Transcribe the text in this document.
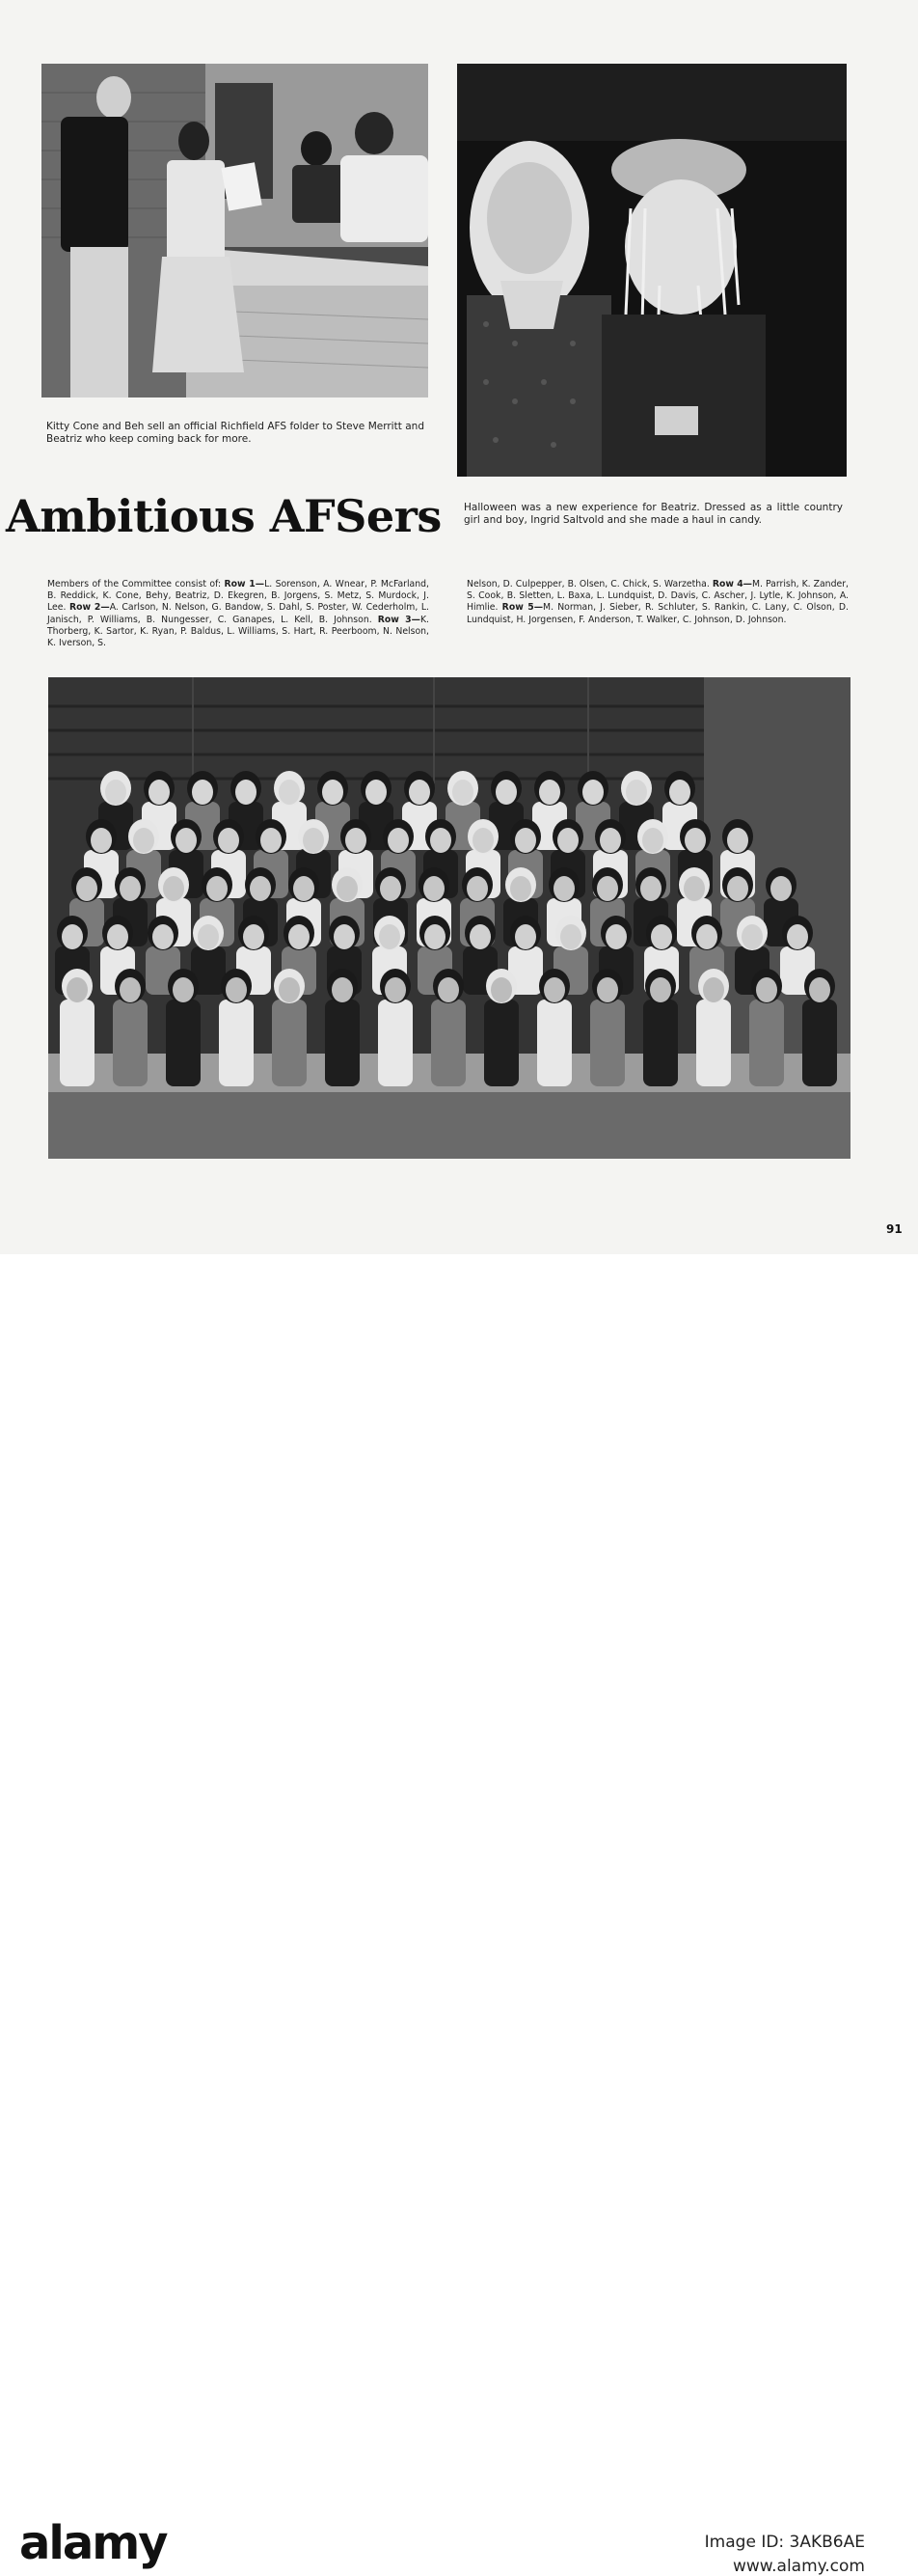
Kitty Cone and Beh sell an official Richfield AFS folder to Steve Merritt and Beatriz who keep coming back for more.

Halloween was a new experience for Beatriz. Dressed as a little country girl and boy, Ingrid Saltvold and she made a haul in candy.

Ambitious AFSers

Members of the Committee consist of: Row 1—L. Sorenson, A. Wnear, P. McFarland, B. Reddick, K. Cone, Behy, Beatriz, D. Ekegren, B. Jorgens, S. Metz, S. Murdock, J. Lee. Row 2—A. Carlson, N. Nelson, G. Bandow, S. Dahl, S. Poster, W. Cederholm, L. Janisch, P. Williams, B. Nungesser, C. Ganapes, L. Kell, B. Johnson. Row 3—K. Thorberg, K. Sartor, K. Ryan, P. Baldus, L. Williams, S. Hart, R. Peerboom, N. Nelson, K. Iverson, S.

Nelson, D. Culpepper, B. Olsen, C. Chick, S. Warzetha. Row 4—M. Parrish, K. Zander, S. Cook, B. Sletten, L. Baxa, L. Lundquist, D. Davis, C. Ascher, J. Lytle, K. Johnson, A. Himlie. Row 5—M. Norman, J. Sieber, R. Schluter, S. Rankin, C. Lany, C. Olson, D. Lundquist, H. Jorgensen, F. Anderson, T. Walker, C. Johnson, D. Johnson.

91
alamy	Image ID: 3AKB6AE
www.alamy.com
